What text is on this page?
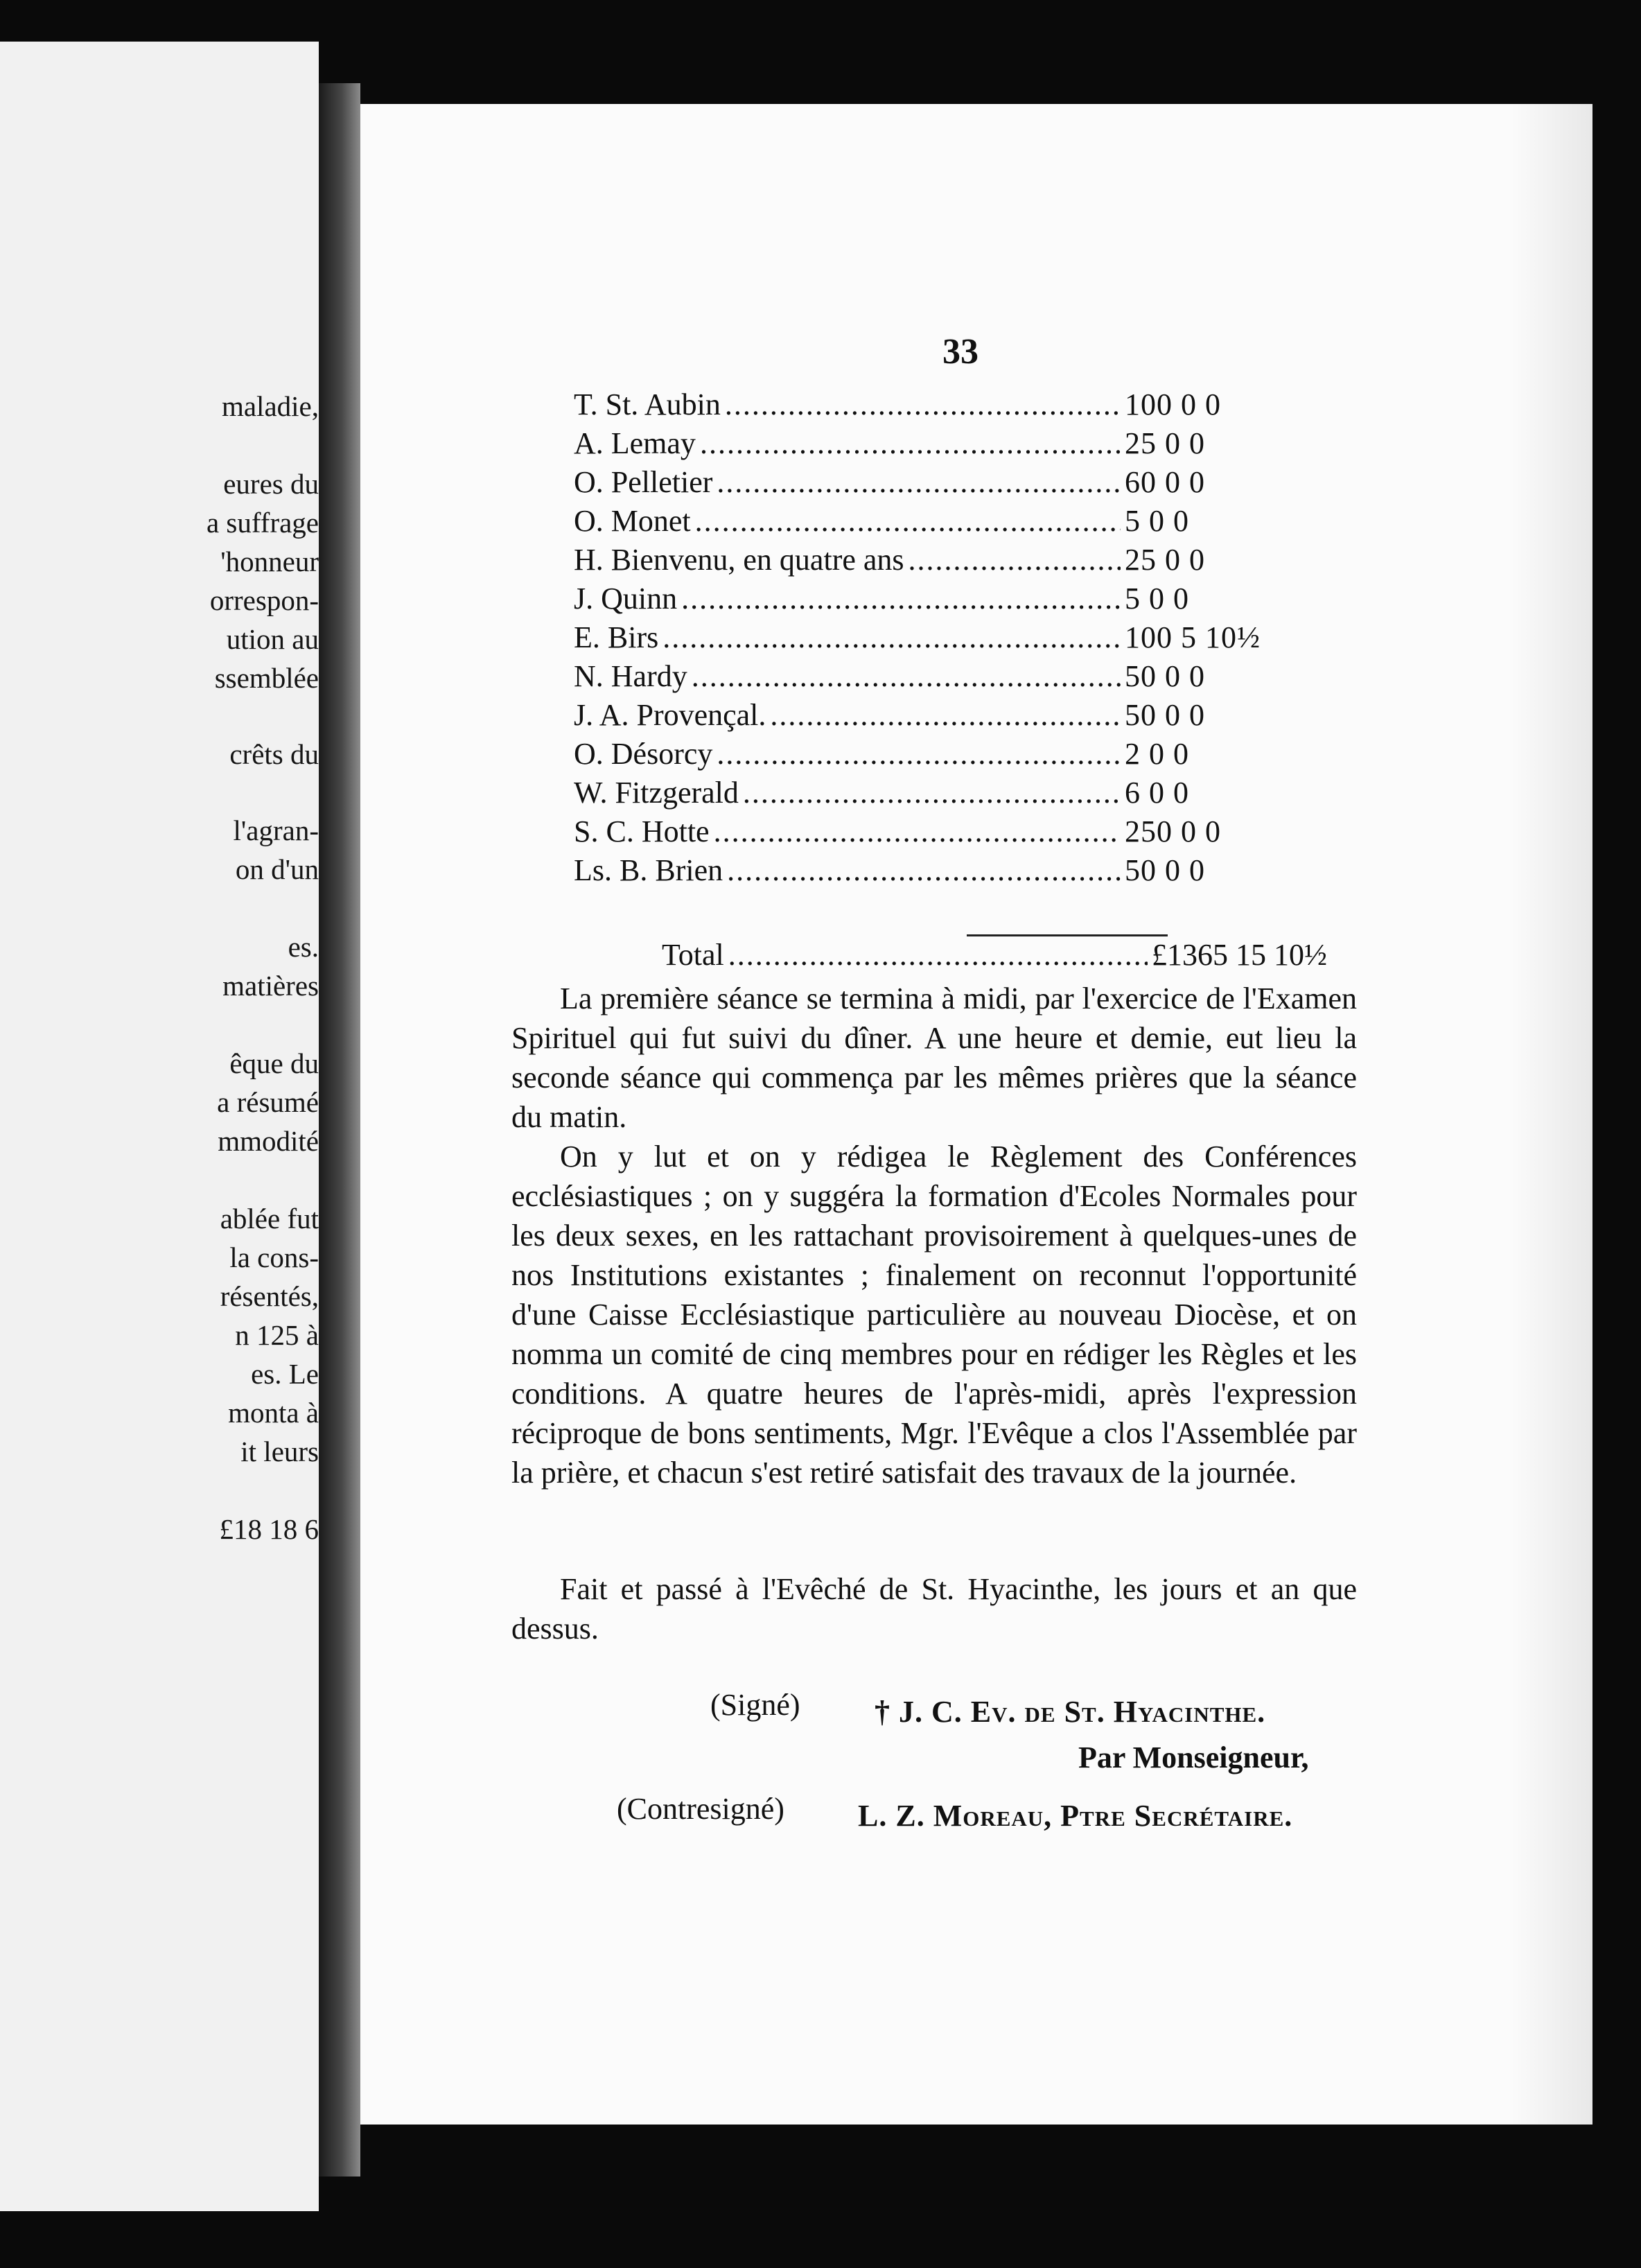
maladie,
eures du
a suffrage
'honneur
orrespon-
ution au
ssemblée
crêts du
l'agran-
on d'un
es.
matières
êque du
a résumé
mmodité
ablée fut
la cons-
résentés,
n 125 à
es. Le
monta à
it leurs
£18 18 6
33
T. St. Aubin .....	100 0 0
A. Lemay .....	25 0 0
O. Pelletier .....	60 0 0
O. Monet .....	5 0 0
H. Bienvenu, en quatre ans .....	25 0 0
J. Quinn .....	5 0 0
E. Birs .....	100 5 10½
N. Hardy .....	50 0 0
J. A. Provençal. .....	50 0 0
O. Désorcy .....	2 0 0
W. Fitzgerald .....	6 0 0
S. C. Hotte .....	250 0 0
Ls. B. Brien .....	50 0 0
Total .....	£1365 15 10½

La première séance se termina à midi, par l'exercice de l'Examen Spirituel qui fut suivi du dîner. A une heure et demie, eut lieu la seconde séance qui commença par les mêmes prières que la séance du matin.

On y lut et on y rédigea le Règlement des Conférences ecclésiastiques ; on y suggéra la formation d'Ecoles Normales pour les deux sexes, en les rattachant provisoirement à quelques-unes de nos Institutions existantes ; finalement on reconnut l'opportunité d'une Caisse Ecclésiastique particulière au nouveau Diocèse, et on nomma un comité de cinq membres pour en rédiger les Règles et les conditions. A quatre heures de l'après-midi, après l'expression réciproque de bons sentiments, Mgr. l'Evêque a clos l'Assemblée par la prière, et chacun s'est retiré satisfait des travaux de la journée.

Fait et passé à l'Evêché de St. Hyacinthe, les jours et an que dessus.

(Signé) † J. C. Ev. de St. Hyacinthe.
Par Monseigneur,
(Contresigné) L. Z. Moreau, Ptre Secrétaire.
